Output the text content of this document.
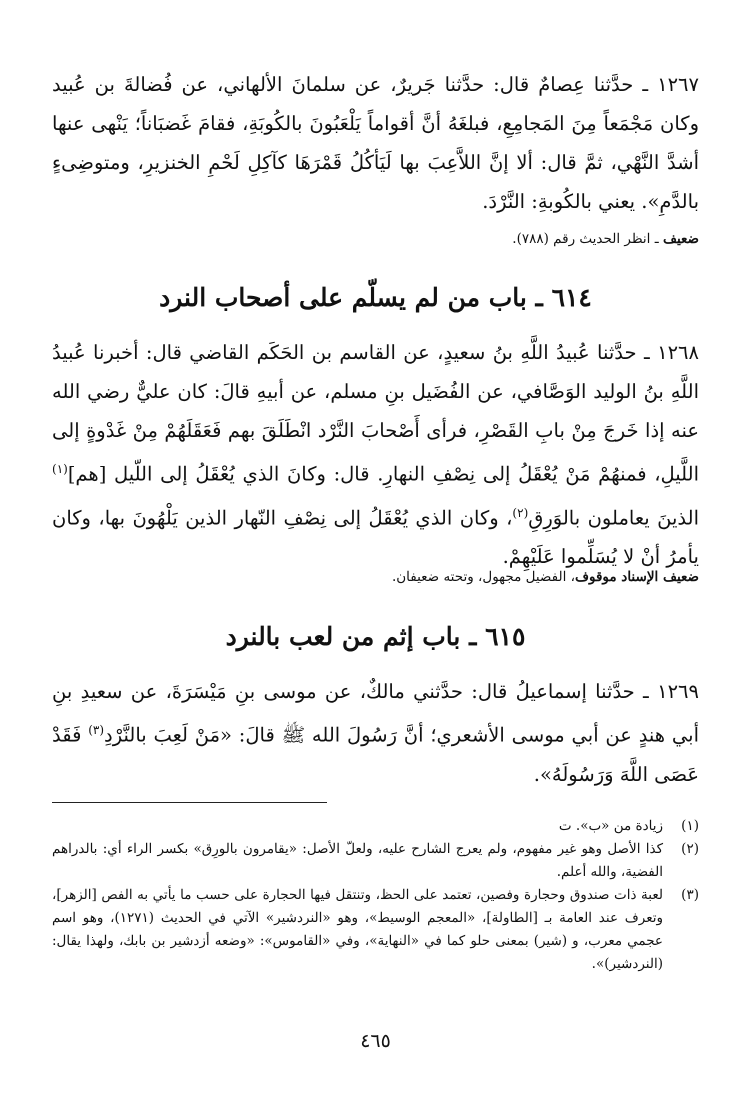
١٢٦٧ ـ حدَّثنا عِصامٌ قال: حدَّثنا جَريرٌ، عن سلمانَ الألهاني، عن فُضالةَ بن عُبيد وكان مَجْمَعاً مِنَ المَجامِعِ، فبلغَهُ أنَّ أقواماً يَلْعَبُونَ بالكُوبَةِ، فقامَ غَضبَاناً؛ يَنْهى عنها أشدَّ النَّهْي، ثمَّ قال: ألا إنَّ اللاَّعِبَ بها لَيَأكُلُ قَمْرَهَا كآكِلِ لَحْمِ الخنزيرِ، ومتوضِىءٍ بالدَّمِ». يعني بالكُوبةِ: النَّرْدَ.
ضعيف ـ انظر الحديث رقم (٧٨٨).
٦١٤ ـ باب من لم يسلّم على أصحاب النرد
١٢٦٨ ـ حدَّثنا عُبيدُ اللَّهِ بنُ سعيدٍ، عن القاسم بن الحَكَم القاضي قال: أخبرنا عُبيدُ اللَّهِ بنُ الوليد الوَصَّافي، عن الفُضَيل بنِ مسلم، عن أبيهِ قالَ: كان عليٌّ رضي الله عنه إذا خَرجَ مِنْ بابِ القَصْرِ، فرأى أَصْحابَ النَّرْد انْطَلَقَ بهم فَعَقَلَهُمْ مِنْ غَدْوةٍ إلى اللَّيلِ، فمنهُمْ مَنْ يُعْقَلُ إلى نِصْفِ النهارِ. قال: وكانَ الذي يُعْقَلُ إلى اللّيل [هم]$^{(١)}$ الذينَ يعاملون بالوَرِقِ$^{(٢)}$، وكان الذي يُعْقَلُ إلى نِصْفِ النّهار الذين يَلْهُونَ بها، وكان يأمرُ أنْ لا يُسَلِّموا عَلَيْهِمْ.
ضعيف الإسناد موقوف، الفضيل مجهول، وتحته ضعيفان.
٦١٥ ـ باب إثم من لعب بالنرد
١٢٦٩ ـ حدَّثنا إسماعيلُ قال: حدَّثني مالكٌ، عن موسى بنِ مَيْسَرَةَ، عن سعيدِ بنِ أبي هندٍ عن أبي موسى الأشعري؛ أنَّ رَسُولَ الله ﷺ قالَ: «مَنْ لَعِبَ بالنَّرْدِ$^{(٣)}$ فَقَدْ عَصَى اللَّهَ وَرَسُولَهُ».
(١)
زيادة من «ب». ت
(٢)
كذا الأصل وهو غير مفهوم، ولم يعرج الشارح عليه، ولعلّ الأصل: «يقامرون بالورِق» بكسر الراء أي: بالدراهم الفضية، والله أعلم.
(٣)
لعبة ذات صندوق وحجارة وفصين، تعتمد على الحظ، وتنتقل فيها الحجارة على حسب ما يأتي به الفص [الزهر]، وتعرف عند العامة بـ [الطاولة]، «المعجم الوسيط»، وهو «النردشير» الآتي في الحديث (١٢٧١)، وهو اسم عجمي معرب، و (شير) بمعنى حلو كما في «النهاية»، وفي «القاموس»: «وضعه أزدشير بن بابك، ولهذا يقال: (النردشير)».
٤٦٥
